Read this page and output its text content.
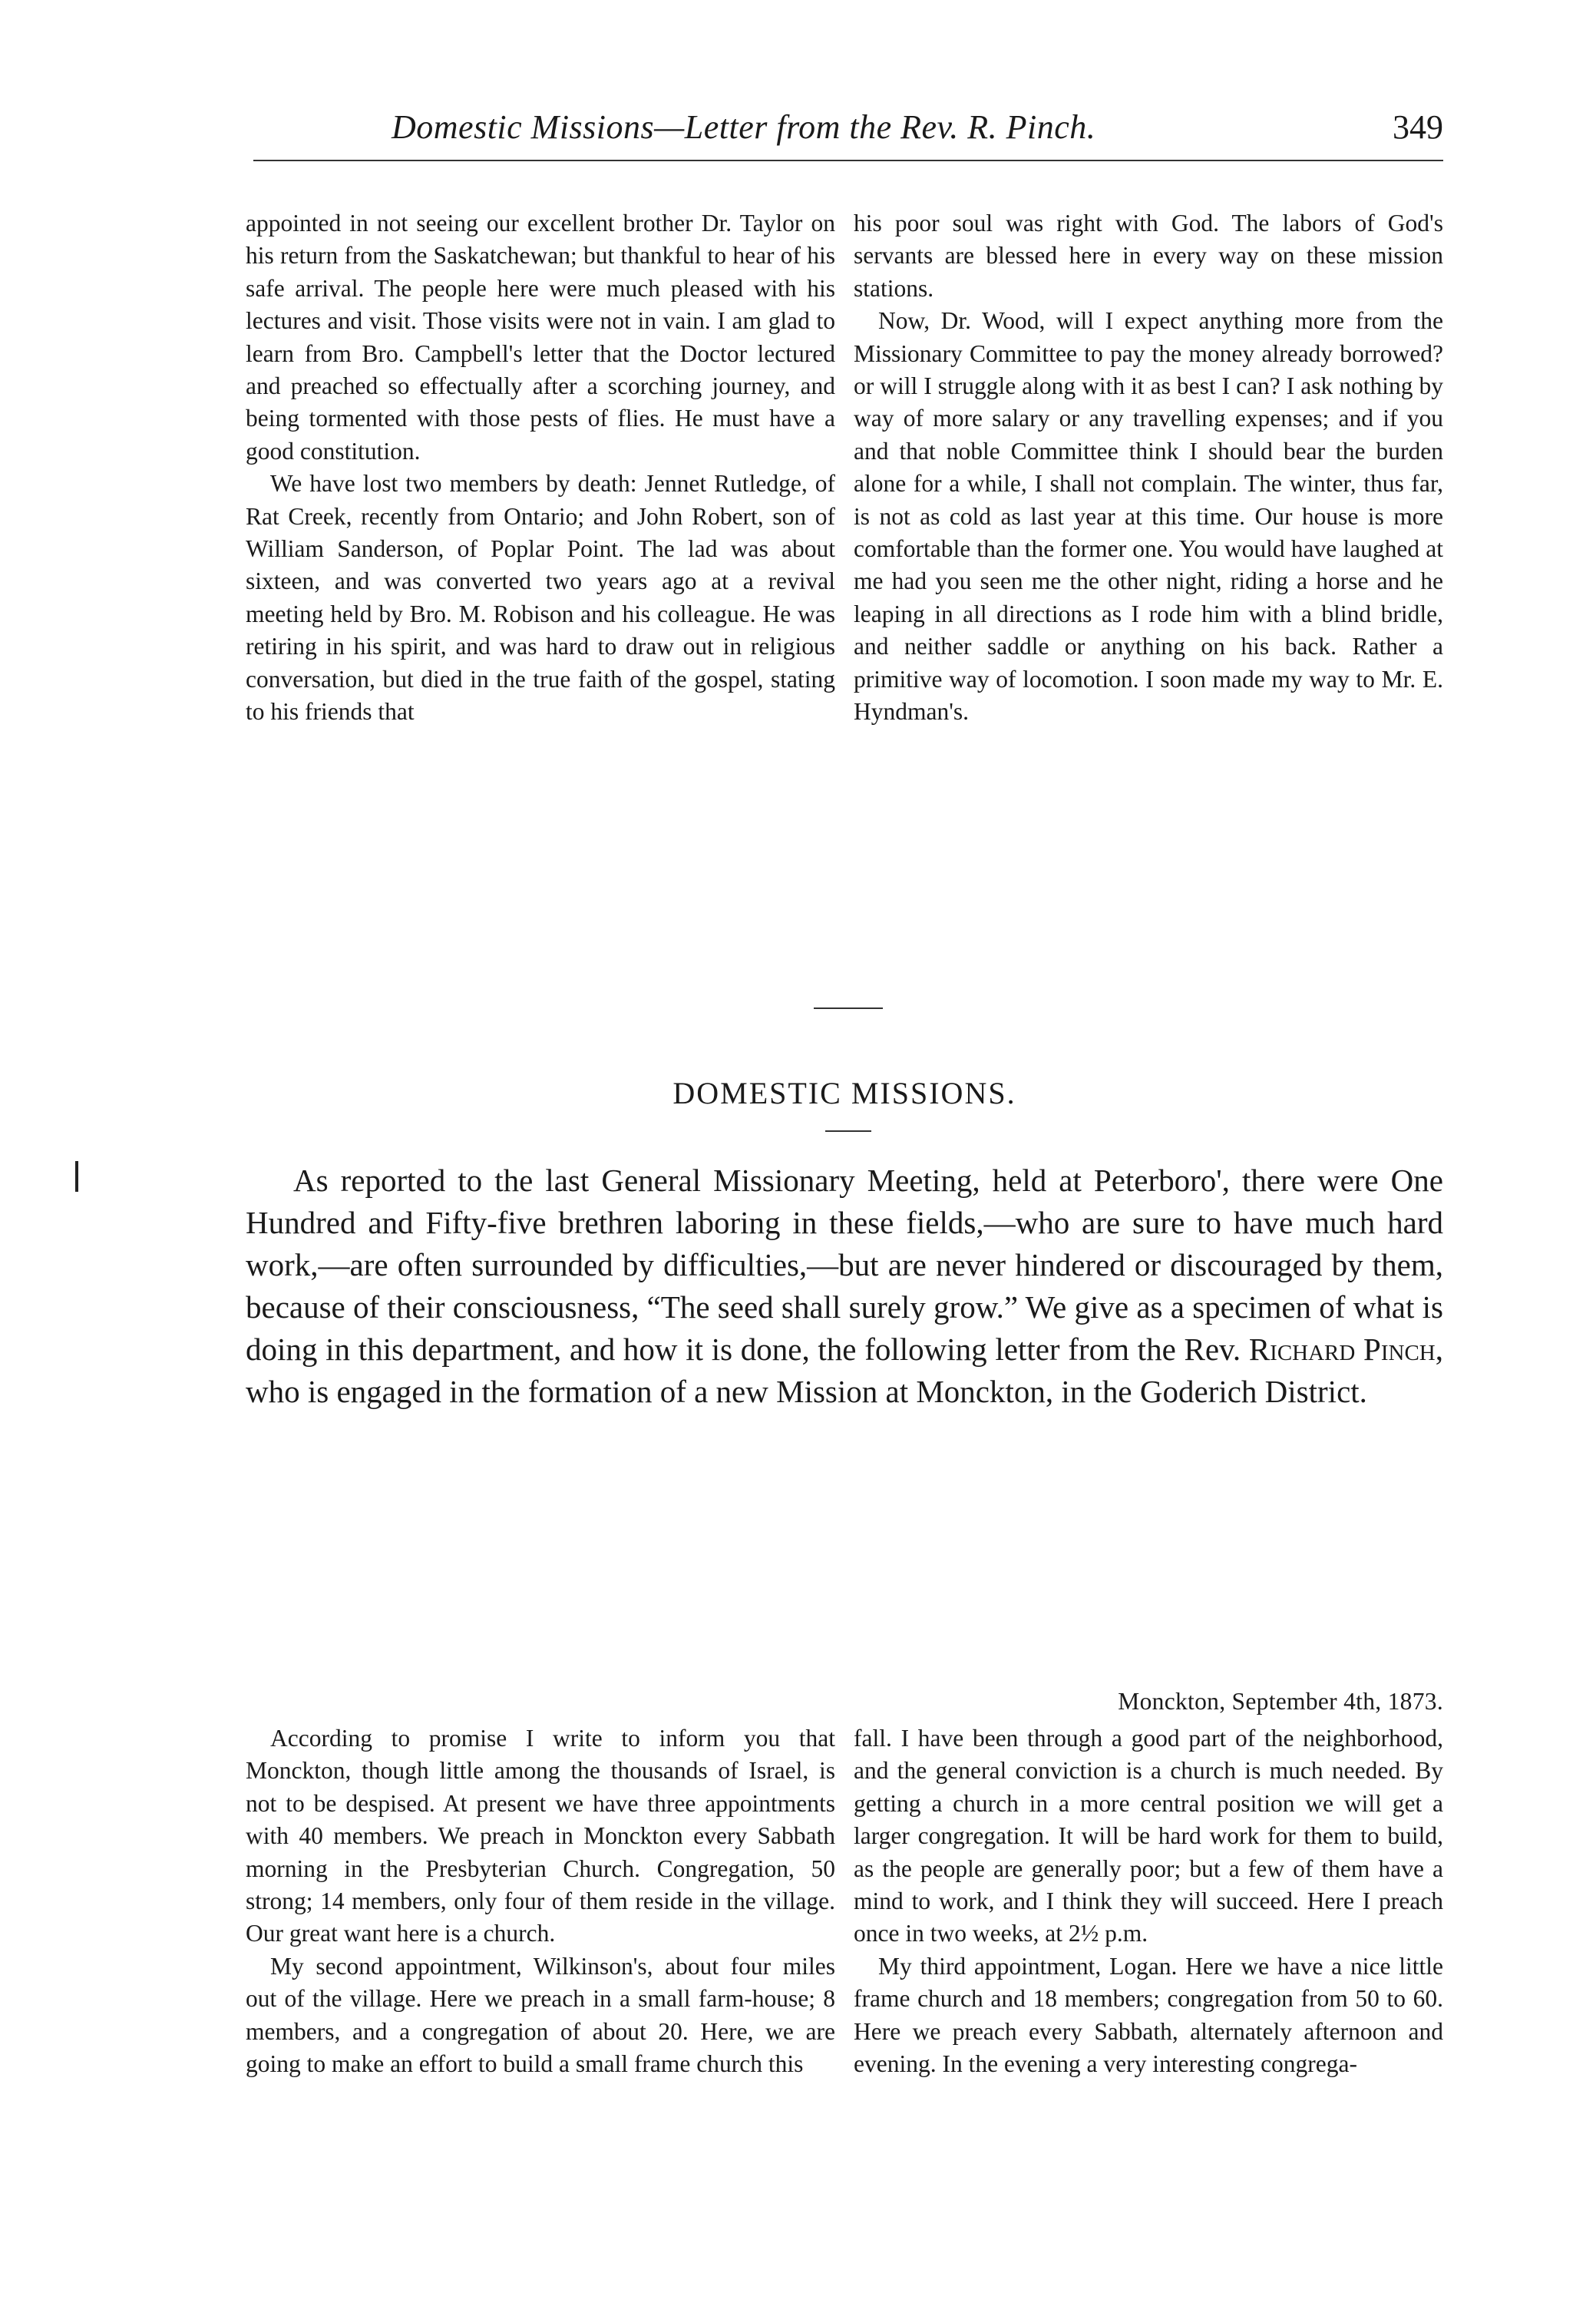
Domestic Missions—Letter from the Rev. R. Pinch.	349

appointed in not seeing our excellent brother Dr. Taylor on his return from the Saskatchewan; but thankful to hear of his safe arrival. The people here were much pleased with his lectures and visit. Those visits were not in vain. I am glad to learn from Bro. Campbell's letter that the Doctor lectured and preached so effectually after a scorching journey, and being tormented with those pests of flies. He must have a good constitution.

We have lost two members by death: Jennet Rutledge, of Rat Creek, recently from Ontario; and John Robert, son of William Sanderson, of Poplar Point. The lad was about sixteen, and was converted two years ago at a revival meeting held by Bro. M. Robison and his colleague. He was retiring in his spirit, and was hard to draw out in religious conversation, but died in the true faith of the gospel, stating to his friends that

his poor soul was right with God. The labors of God's servants are blessed here in every way on these mission stations.

Now, Dr. Wood, will I expect anything more from the Missionary Committee to pay the money already borrowed? or will I struggle along with it as best I can? I ask nothing by way of more salary or any travelling expenses; and if you and that noble Committee think I should bear the burden alone for a while, I shall not complain. The winter, thus far, is not as cold as last year at this time. Our house is more comfortable than the former one. You would have laughed at me had you seen me the other night, riding a horse and he leaping in all directions as I rode him with a blind bridle, and neither saddle or anything on his back. Rather a primitive way of locomotion. I soon made my way to Mr. E. Hyndman's.

DOMESTIC MISSIONS.
As reported to the last General Missionary Meeting, held at Peterboro', there were One Hundred and Fifty-five brethren laboring in these fields,—who are sure to have much hard work,—are often surrounded by difficulties,—but are never hindered or discouraged by them, because of their consciousness, “The seed shall surely grow.” We give as a specimen of what is doing in this department, and how it is done, the following letter from the Rev. Richard Pinch, who is engaged in the formation of a new Mission at Monckton, in the Goderich District.
Monckton, September 4th, 1873.

According to promise I write to inform you that Monckton, though little among the thousands of Israel, is not to be despised. At present we have three appointments with 40 members. We preach in Monckton every Sabbath morning in the Presbyterian Church. Congregation, 50 strong; 14 members, only four of them reside in the village. Our great want here is a church.

My second appointment, Wilkinson's, about four miles out of the village. Here we preach in a small farm-house; 8 members, and a congregation of about 20. Here, we are going to make an effort to build a small frame church this

fall. I have been through a good part of the neighborhood, and the general conviction is a church is much needed. By getting a church in a more central position we will get a larger congregation. It will be hard work for them to build, as the people are generally poor; but a few of them have a mind to work, and I think they will succeed. Here I preach once in two weeks, at 2½ p.m.

My third appointment, Logan. Here we have a nice little frame church and 18 members; congregation from 50 to 60. Here we preach every Sabbath, alternately afternoon and evening. In the evening a very interesting congrega-
